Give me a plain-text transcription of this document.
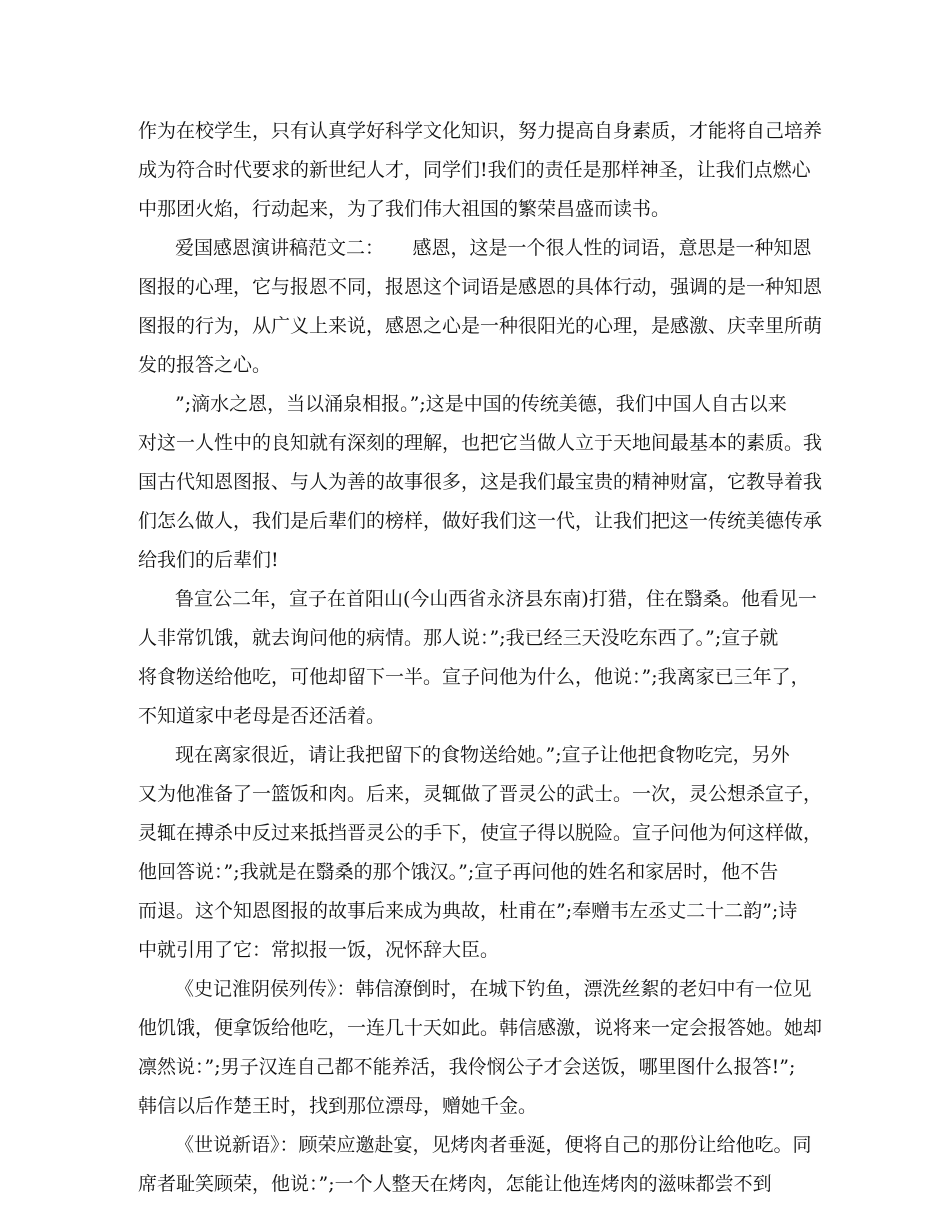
作为在校学生，只有认真学好科学文化知识，努力提高自身素质，才能将自己培养

成为符合时代要求的新世纪人才，同学们!我们的责任是那样神圣，让我们点燃心

中那团火焰，行动起来，为了我们伟大祖国的繁荣昌盛而读书。

爱国感恩演讲稿范文二：　　感恩，这是一个很人性的词语，意思是一种知恩

图报的心理，它与报恩不同，报恩这个词语是感恩的具体行动，强调的是一种知恩

图报的行为，从广义上来说，感恩之心是一种很阳光的心理，是感激、庆幸里所萌

发的报答之心。

”;滴水之恩，当以涌泉相报。”;这是中国的传统美德，我们中国人自古以来

对这一人性中的良知就有深刻的理解，也把它当做人立于天地间最基本的素质。我

国古代知恩图报、与人为善的故事很多，这是我们最宝贵的精神财富，它教导着我

们怎么做人，我们是后辈们的榜样，做好我们这一代，让我们把这一传统美德传承

给我们的后辈们!

鲁宣公二年，宣子在首阳山(今山西省永济县东南)打猎，住在翳桑。他看见一

人非常饥饿，就去询问他的病情。那人说：”;我已经三天没吃东西了。”;宣子就

将食物送给他吃，可他却留下一半。宣子问他为什么，他说：”;我离家已三年了，

不知道家中老母是否还活着。

现在离家很近，请让我把留下的食物送给她。”;宣子让他把食物吃完，另外

又为他准备了一篮饭和肉。后来，灵辄做了晋灵公的武士。一次，灵公想杀宣子，

灵辄在搏杀中反过来抵挡晋灵公的手下，使宣子得以脱险。宣子问他为何这样做，

他回答说：”;我就是在翳桑的那个饿汉。”;宣子再问他的姓名和家居时，他不告

而退。这个知恩图报的故事后来成为典故，杜甫在”;奉赠韦左丞丈二十二韵”;诗

中就引用了它：常拟报一饭，况怀辞大臣。

《史记淮阴侯列传》：韩信潦倒时，在城下钓鱼，漂洗丝絮的老妇中有一位见

他饥饿，便拿饭给他吃，一连几十天如此。韩信感激，说将来一定会报答她。她却

凛然说：”;男子汉连自己都不能养活，我伶悯公子才会送饭，哪里图什么报答!”;

韩信以后作楚王时，找到那位漂母，赠她千金。

《世说新语》：顾荣应邀赴宴，见烤肉者垂涎，便将自己的那份让给他吃。同

席者耻笑顾荣，他说：”;一个人整天在烤肉，怎能让他连烤肉的滋味都尝不到
